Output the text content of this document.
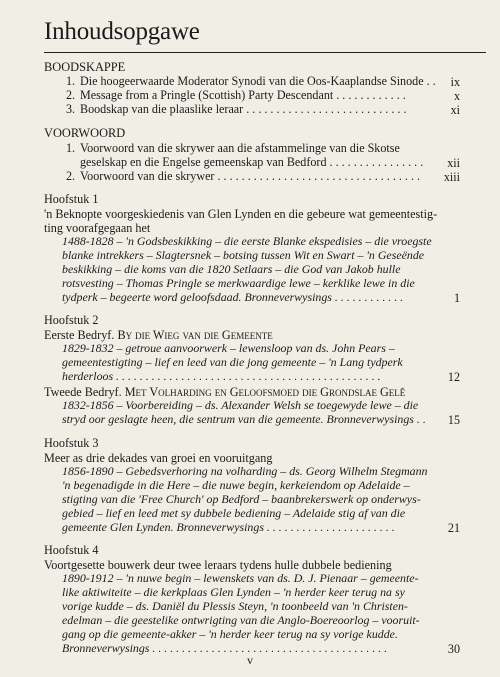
Inhoudsopgawe
BOODSKAPPE
1. Die hoogeerwaarde Moderator Synodi van die Oos-Kaaplandse Sinode . .	ix
2. Message from a Pringle (Scottish) Party Descendant . . . . . . . . . . . .	x
3. Boodskap van die plaaslike leraar . . . . . . . . . . . . . . . . . . . . . . . . . . .	xi
VOORWOORD
1. Voorwoord van die skrywer aan die afstammelinge van die Skotse
geselskap en die Engelse gemeenskap van Bedford . . . . . . . . . . . . . . . .	xii
2. Voorwoord van die skrywer . . . . . . . . . . . . . . . . . . . . . . . . . . . . . . . . . .	xiii
Hoofstuk 1
'n Beknopte voorgeskiedenis van Glen Lynden en die gebeure wat gemeentestig-
ting voorafgegaan het
1488-1828 – 'n Godsbeskikking – die eerste Blanke ekspedisies – die vroegste
blanke intrekkers – Slagtersnek – botsing tussen Wit en Swart – 'n Geseënde
beskikking – die koms van die 1820 Setlaars – die God van Jakob hulle
rotsvesting – Thomas Pringle se merkwaardige lewe – kerklike lewe in die
tydperk – begeerte word geloofsdaad. Bronneverwysings . . . . . . . . . . . .	1
Hoofstuk 2
Eerste Bedryf. By die Wieg van die Gemeente
1829-1832 – getroue aanvoorwerk – lewensloop van ds. John Pears –
gemeentestigting – lief en leed van die jong gemeente – 'n Lang tydperk
herderloos . . . . . . . . . . . . . . . . . . . . . . . . . . . . . . . . . . . . . . . . . . . . .	12
Tweede Bedryf. Met Volharding en Geloofsmoed die Grondslae Gelê
1832-1856 – Voorbereiding – ds. Alexander Welsh se toegewyde lewe – die
stryd oor geslagte heen, die sentrum van die gemeente. Bronneverwysings . . 15
Hoofstuk 3
Meer as drie dekades van groei en vooruitgang
1856-1890 – Gebedsverhoring na volharding – ds. Georg Wilhelm Stegmann
'n begenadigde in die Here – die nuwe begin, kerkeiendom op Adelaide –
stigting van die 'Free Church' op Bedford – baanbrekerswerk op onderwys-
gebied – lief en leed met sy dubbele bediening – Adelaide stig af van die
gemeente Glen Lynden. Bronneverwysings . . . . . . . . . . . . . . . . . . . . . .	21
Hoofstuk 4
Voortgesette bouwerk deur twee leraars tydens hulle dubbele bediening
1890-1912 – 'n nuwe begin – lewenskets van ds. D. J. Pienaar – gemeente-
like aktiwiteite – die kerkplaas Glen Lynden – 'n herder keer terug na sy
vorige kudde – ds. Daniël du Plessis Steyn, 'n toonbeeld van 'n Christen-
edelman – die geestelike ontwrigting van die Anglo-Boereoorlog – vooruit-
gang op die gemeente-akker – 'n herder keer terug na sy vorige kudde.
Bronneverwysings . . . . . . . . . . . . . . . . . . . . . . . . . . . . . . . . . . . . . . . .	30
v
